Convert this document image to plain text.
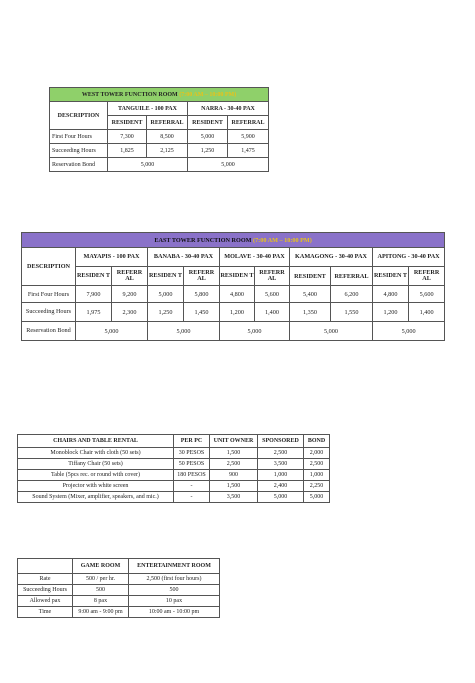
WEST TOWER FUNCTION ROOM (7:00 AM – 10:00 PM)				
DESCRIPTION	TANGUILE - 100 PAX		NARRA - 30-40 PAX	
	RESIDENT	REFERRAL	RESIDENT	REFERRAL
First Four Hours	7,300	8,500	5,000	5,900
Succeeding Hours	1,825	2,125	1,250	1,475
Reservation Bond	5,000		5,000	
EAST TOWER FUNCTION ROOM (7:00 AM – 10:00 PM)										
DESCRIPTION	MAYAPIS - 100 PAX		BANABA - 30-40 PAX		MOLAVE - 30-40 PAX		KAMAGONG - 30-40 PAX		APITONG - 30-40 PAX	
	RESIDEN T	REFERR AL	RESIDEN T	REFERR AL	RESIDEN T	REFERR AL	RESIDENT	REFERRAL	RESIDEN T	REFERR AL
First Four Hours	7,900	9,200	5,000	5,800	4,800	5,600	5,400	6,200	4,800	5,600
Succeeding Hours	1,975	2,300	1,250	1,450	1,200	1,400	1,350	1,550	1,200	1,400
Reservation Bond	5,000		5,000		5,000		5,000		5,000	
CHAIRS AND TABLE RENTAL	PER PC	UNIT OWNER	SPONSORED	BOND
Monoblock Chair with cloth (50 sets)	30 PESOS	1,500	2,500	2,000
Tiffany Chair (50 sets)	50 PESOS	2,500	3,500	2,500
Table (5pcs rec. or round with cover)	180 PESOS	900	1,000	1,000
Projector with white screen	-	1,500	2,400	2,250
Sound System (Mixer, amplifier, speakers, and mic.)	-	3,500	5,000	5,000
	GAME ROOM	ENTERTAINMENT ROOM
Rate	500 / per hr.	2,500 (first four hours)
Succeeding Hours	500	500
Allowed pax	8 pax	10 pax
Time	9:00 am - 9:00 pm	10:00 am - 10:00 pm
